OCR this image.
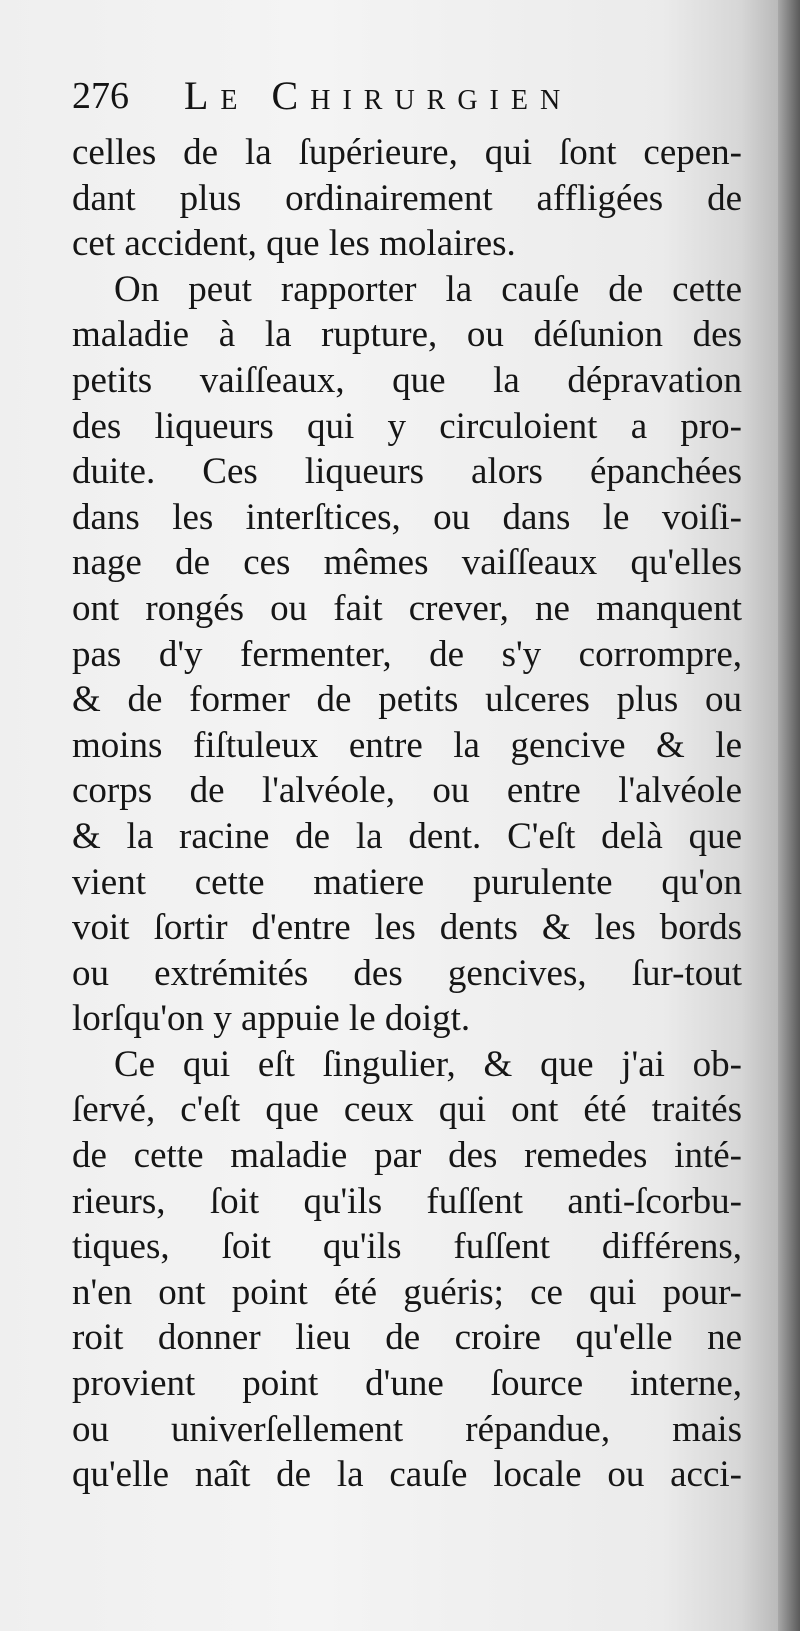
276 Le Chirurgien
celles de la ſupérieure, qui ſont cepen-
dant plus ordinairement affligées de
cet accident, que les molaires.
On peut rapporter la cauſe de cette
maladie à la rupture, ou déſunion des
petits vaiſſeaux, que la dépravation
des liqueurs qui y circuloient a pro-
duite. Ces liqueurs alors épanchées
dans les interſtices, ou dans le voiſi-
nage de ces mêmes vaiſſeaux qu'elles
ont rongés ou fait crever, ne manquent
pas d'y fermenter, de s'y corrompre,
& de former de petits ulceres plus ou
moins fiſtuleux entre la gencive & le
corps de l'alvéole, ou entre l'alvéole
& la racine de la dent. C'eſt delà que
vient cette matiere purulente qu'on
voit ſortir d'entre les dents & les bords
ou extrémités des gencives, ſur-tout
lorſqu'on y appuie le doigt.
Ce qui eſt ſingulier, & que j'ai ob-
ſervé, c'eſt que ceux qui ont été traités
de cette maladie par des remedes inté-
rieurs, ſoit qu'ils fuſſent anti-ſcorbu-
tiques, ſoit qu'ils fuſſent différens,
n'en ont point été guéris; ce qui pour-
roit donner lieu de croire qu'elle ne
provient point d'une ſource interne,
ou univerſellement répandue, mais
qu'elle naît de la cauſe locale ou acci-
